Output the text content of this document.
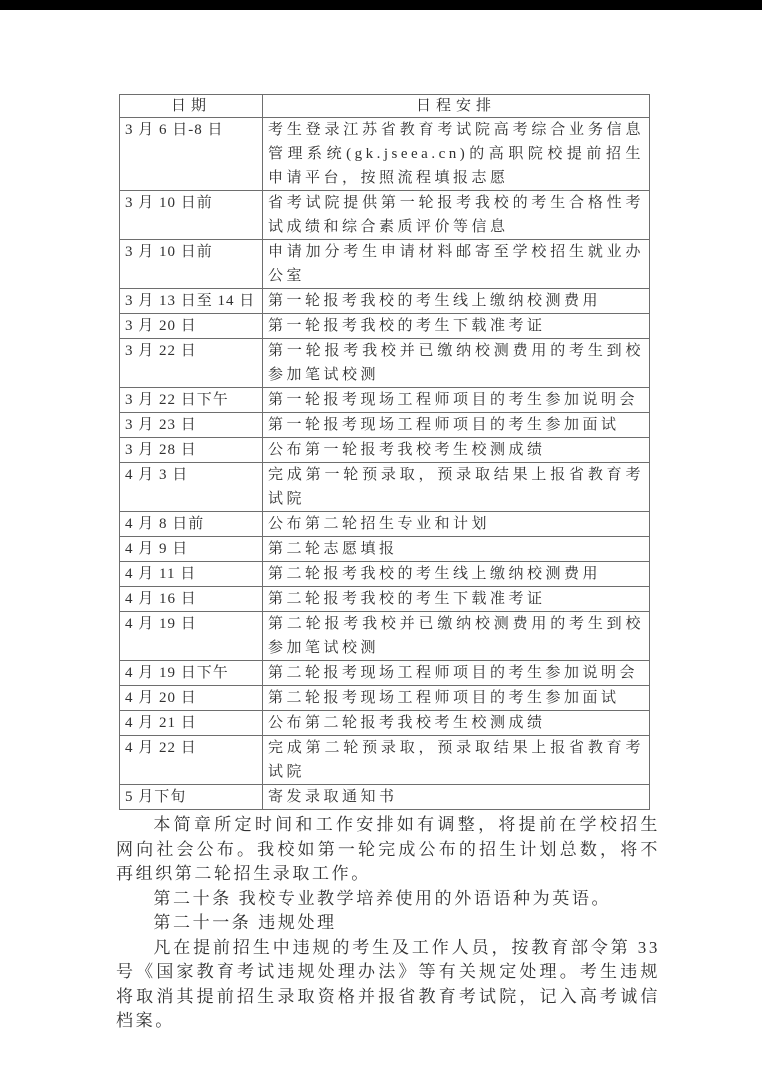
日期	日程安排
3 月 6 日-8 日	考生登录江苏省教育考试院高考综合业务信息管理系统(gk.jseea.cn)的高职院校提前招生申请平台，按照流程填报志愿
3 月 10 日前	省考试院提供第一轮报考我校的考生合格性考试成绩和综合素质评价等信息
3 月 10 日前	申请加分考生申请材料邮寄至学校招生就业办公室
3 月 13 日至 14 日	第一轮报考我校的考生线上缴纳校测费用
3 月 20 日	第一轮报考我校的考生下载准考证
3 月 22 日	第一轮报考我校并已缴纳校测费用的考生到校参加笔试校测
3 月 22 日下午	第一轮报考现场工程师项目的考生参加说明会
3 月 23 日	第一轮报考现场工程师项目的考生参加面试
3 月 28 日	公布第一轮报考我校考生校测成绩
4 月 3 日	完成第一轮预录取，预录取结果上报省教育考试院
4 月 8 日前	公布第二轮招生专业和计划
4 月 9 日	第二轮志愿填报
4 月 11 日	第二轮报考我校的考生线上缴纳校测费用
4 月 16 日	第二轮报考我校的考生下载准考证
4 月 19 日	第二轮报考我校并已缴纳校测费用的考生到校参加笔试校测
4 月 19 日下午	第二轮报考现场工程师项目的考生参加说明会
4 月 20 日	第二轮报考现场工程师项目的考生参加面试
4 月 21 日	公布第二轮报考我校考生校测成绩
4 月 22 日	完成第二轮预录取，预录取结果上报省教育考试院
5 月下旬	寄发录取通知书

本简章所定时间和工作安排如有调整，将提前在学校招生网向社会公布。我校如第一轮完成公布的招生计划总数，将不再组织第二轮招生录取工作。

第二十条 我校专业教学培养使用的外语语种为英语。

第二十一条 违规处理

凡在提前招生中违规的考生及工作人员，按教育部令第 33 号《国家教育考试违规处理办法》等有关规定处理。考生违规将取消其提前招生录取资格并报省教育考试院，记入高考诚信档案。
